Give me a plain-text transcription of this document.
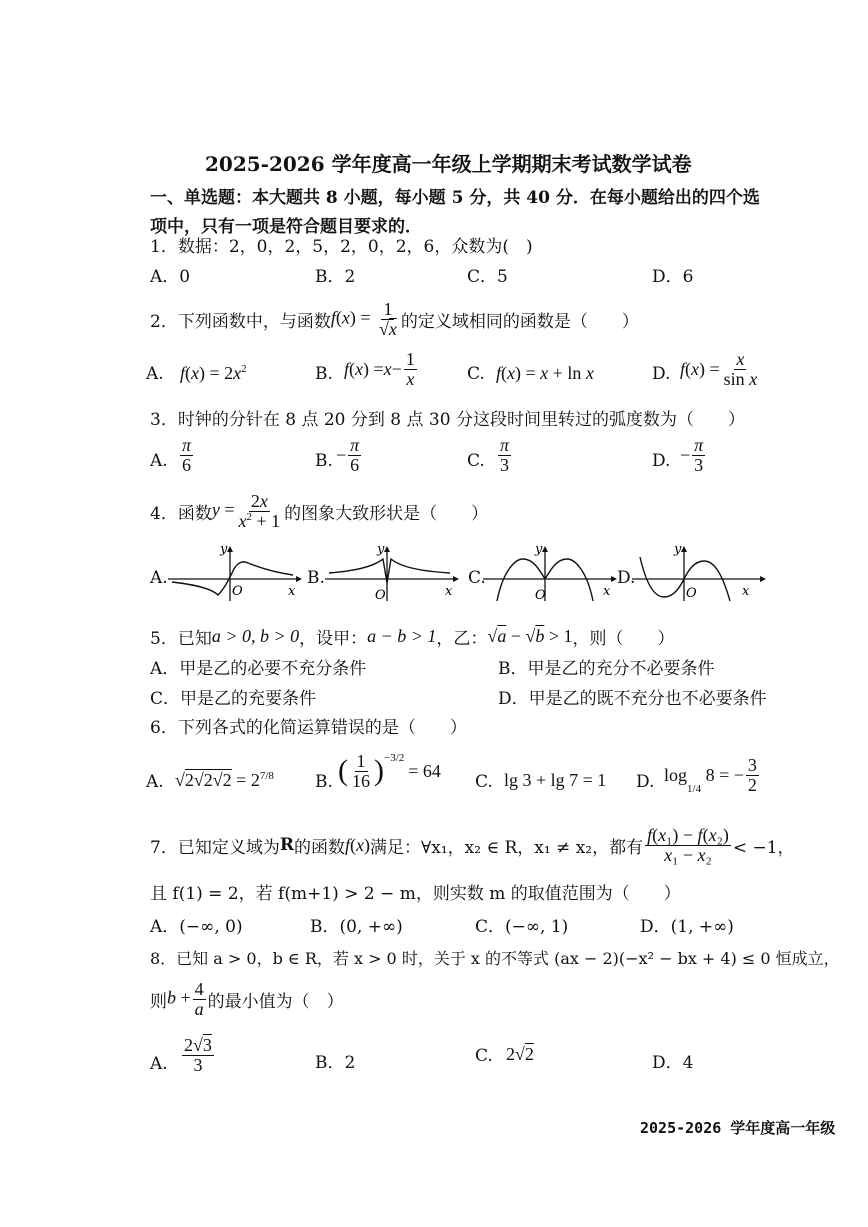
2025-2026 学年度高一年级上学期期末考试数学试卷
一、单选题：本大题共 8 小题，每小题 5 分，共 40 分．在每小题给出的四个选
项中，只有一项是符合题目要求的．
1．数据：2，0，2，5，2，0，2，6，众数为(　)
A．0	B．2	C．5	D．6
2．下列函数中，与函数 $f(x) = \frac{1}{√x}$ 的定义域相同的函数是（　　）
A. $f(x) = 2x^2$	B. f ( x ) = $x - \frac{1}{x}$	C. f(x) = x + ln x	D. f ( x ) = $\frac{x}{\text{sin x}}$
3．时钟的分针在 8 点 20 分到 8 点 30 分这段时间里转过的弧度数为（　　）
A. $\frac{\pi}{6}$	B. − $\frac{\pi}{6}$	C. $\frac{\pi}{3}$	D. − $\frac{\pi}{3}$
4．函数 $y = \frac{2x}{x^2 + 1}$ 的图象大致形状是（　　）
A.
y
x
O
B.
y
x
O
C.
y
x
O
D.
y
x
O
5．已知 a > 0, b > 0 ，设甲： a − b > 1 ，乙： √a − √b > 1 ，则（　　）
A．甲是乙的必要不充分条件	B．甲是乙的充分不必要条件
C．甲是乙的充要条件	D．甲是乙的既不充分也不必要条件
6．下列各式的化简运算错误的是（　　）
A. $√2√2√2 = 2^{7/8}$ B. ( $\frac{1}{16} )^{-3/2}$
= 64
C. lg 3 + lg 7 = 1 D. log
1/4
8 = − $\frac{3}{2}$
7．已知定义域为 R 的函数 f(x) 满足：∀x₁，x₂ ∈ R，x₁ ≠ x₂，都有 $\frac{\text{f(x₁) − f(x₂)}}{\text{x₁ − x₂}} < -1$，
且 f(1) = 2，若 f(m+1) > 2 − m，则实数 m 的取值范围为（　　）
A．(−∞, 0)	B．(0, +∞)	C．(−∞, 1)	D．(1, +∞)
8．已知 a > 0，b ∈ R，若 x > 0 时，关于 x 的不等式 (ax − 2)(−x² − bx + 4) ≤ 0 恒成立，
则 $b + \frac{4}{a}$ 的最小值为（　）
A. $\frac{2√3}{3}$	B．2	C. 2√2	D．4
2025-2026 学年度高一年级
